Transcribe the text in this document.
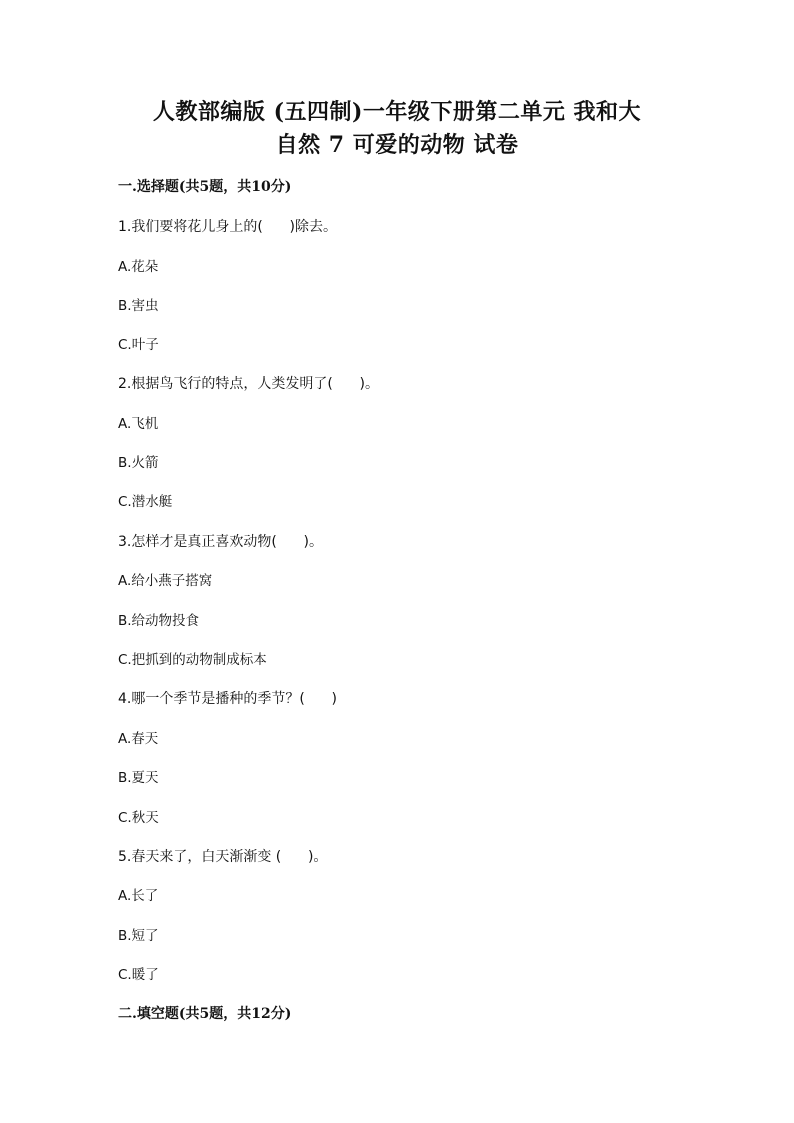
人教部编版 (五四制)一年级下册第二单元 我和大
自然 7 可爱的动物 试卷
一.选择题(共5题，共10分)
1.我们要将花儿身上的(      )除去。
A.花朵
B.害虫
C.叶子
2.根据鸟飞行的特点，人类发明了(      )。
A.飞机
B.火箭
C.潜水艇
3.怎样才是真正喜欢动物(      )。
A.给小燕子搭窝
B.给动物投食
C.把抓到的动物制成标本
4.哪一个季节是播种的季节？(      )
A.春天
B.夏天
C.秋天
5.春天来了，白天渐渐变 (      )。
A.长了
B.短了
C.暖了
二.填空题(共5题，共12分)
